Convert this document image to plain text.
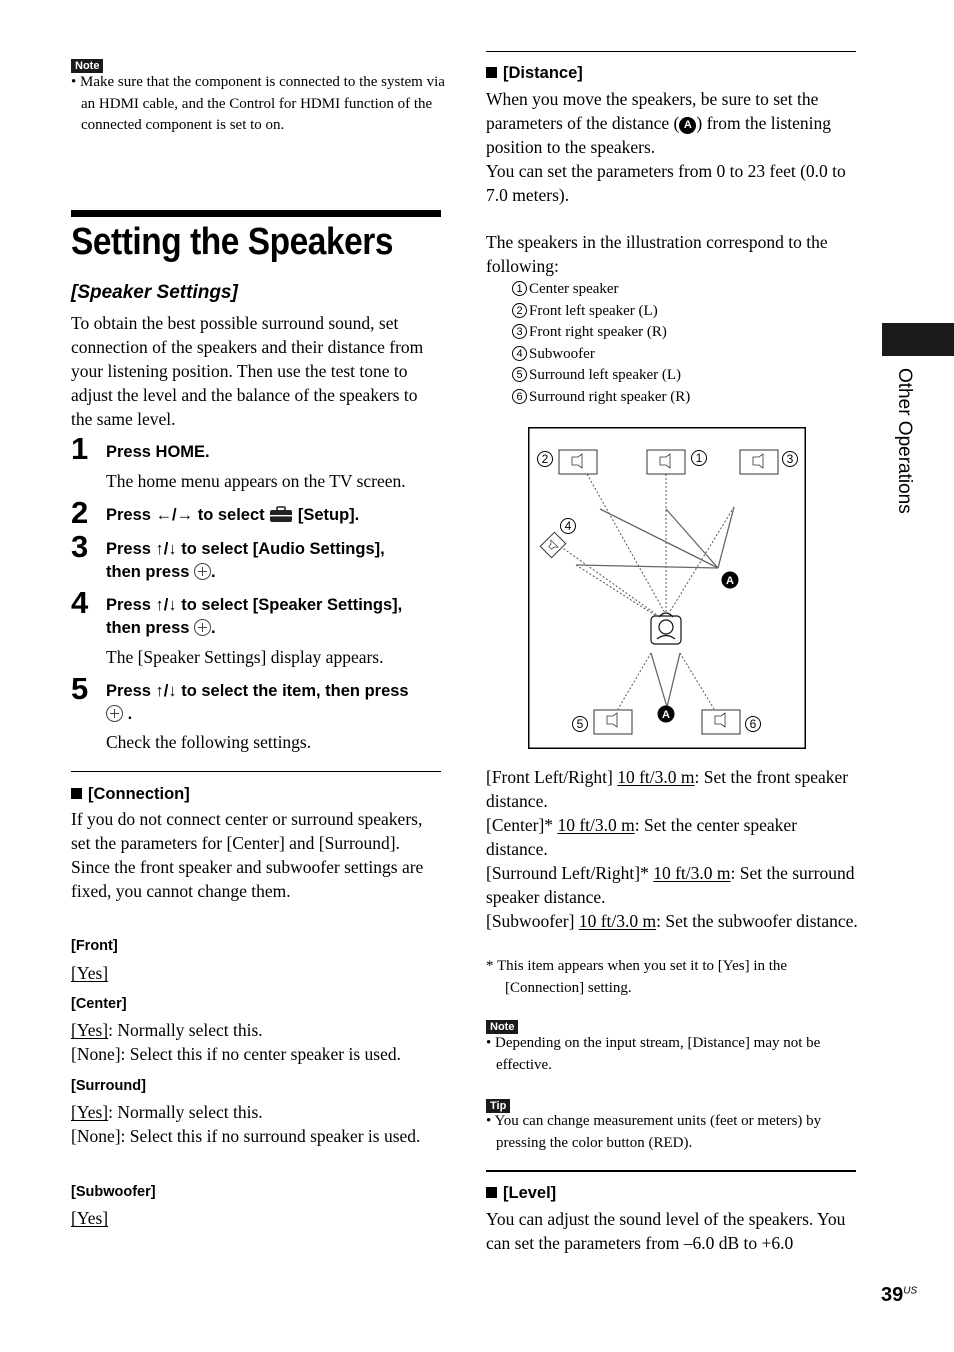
Note
• Make sure that the component is connected to the system via an HDMI cable, and the Control for HDMI function of the connected component is set to on.
Setting the Speakers
[Speaker Settings]
To obtain the best possible surround sound, set connection of the speakers and their distance from your listening position. Then use the test tone to adjust the level and the balance of the speakers to the same level.
1	Press HOME.
The home menu appears on the TV screen.
2	Press ←/→ to select [Setup].
3	Press ↑/↓ to select [Audio Settings],
then press .
4	Press ↑/↓ to select [Speaker Settings],
then press .
The [Speaker Settings] display appears.
5	Press ↑/↓ to select the item, then press
.
Check the following settings.
[Connection]
If you do not connect center or surround speakers, set the parameters for [Center] and [Surround]. Since the front speaker and subwoofer settings are fixed, you cannot change them.
[Front]
[Yes]
[Center]
[Yes]: Normally select this.
[None]: Select this if no center speaker is used.
[Surround]
[Yes]: Normally select this.
[None]: Select this if no surround speaker is used.
[Subwoofer]
[Yes]
[Distance]
When you move the speakers, be sure to set the parameters of the distance ( A ) from the listening position to the speakers.
You can set the parameters from 0 to 23 feet (0.0 to 7.0 meters).
The speakers in the illustration correspond to the following:
1 Center speaker
2 Front left speaker (L)
3 Front right speaker (R)
4 Subwoofer
5 Surround left speaker (L)
6 Surround right speaker (R)
2	1	3
4
5	6
A
A
[Front Left/Right] 10 ft/3.0 m: Set the front speaker distance.
[Center]* 10 ft/3.0 m: Set the center speaker distance.
[Surround Left/Right]* 10 ft/3.0 m: Set the surround speaker distance.
[Subwoofer] 10 ft/3.0 m: Set the subwoofer distance.
* This item appears when you set it to [Yes] in the [Connection] setting.
Note
• Depending on the input stream, [Distance] may not be effective.
Tip
• You can change measurement units (feet or meters) by pressing the color button (RED).
[Level]
You can adjust the sound level of the speakers. You can set the parameters from –6.0 dB to +6.0
Other Operations
$39^{US}$
